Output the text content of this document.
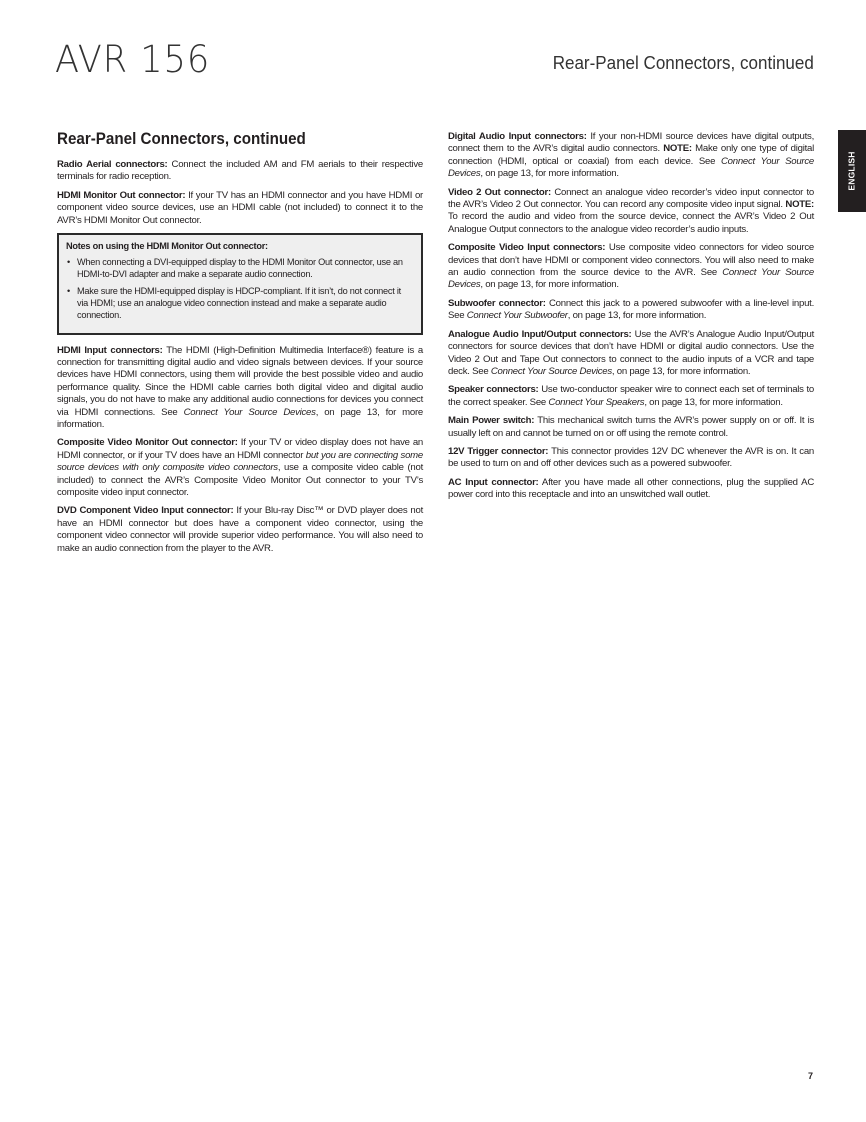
AVR 156	Rear-Panel Connectors, continued
ENGLISH
Rear-Panel Connectors, continued

Radio Aerial connectors: Connect the included AM and FM aerials to their respective terminals for radio reception.

HDMI Monitor Out connector: If your TV has an HDMI connector and you have HDMI or component video source devices, use an HDMI cable (not included) to connect it to the AVR’s HDMI Monitor Out connector.

Notes on using the HDMI Monitor Out connector:
• When connecting a DVI-equipped display to the HDMI Monitor Out connector, use an HDMI-to-DVI adapter and make a separate audio connection.
• Make sure the HDMI-equipped display is HDCP-compliant. If it isn’t, do not connect it via HDMI; use an analogue video connection instead and make a separate audio connection.

HDMI Input connectors: The HDMI (High-Definition Multimedia Interface®) feature is a connection for transmitting digital audio and video signals between devices. If your source devices have HDMI connectors, using them will provide the best possible video and audio performance quality. Since the HDMI cable carries both digital video and digital audio signals, you do not have to make any additional audio connections for devices you connect via HDMI connections. See Connect Your Source Devices, on page 13, for more information.

Composite Video Monitor Out connector: If your TV or video display does not have an HDMI connector, or if your TV does have an HDMI connector but you are connecting some source devices with only composite video connectors, use a composite video cable (not included) to connect the AVR’s Composite Video Monitor Out connector to your TV’s composite video input connector.

DVD Component Video Input connector: If your Blu-ray Disc™ or DVD player does not have an HDMI connector but does have a component video connector, using the component video connector will provide superior video performance. You will also need to make an audio connection from the player to the AVR.

Digital Audio Input connectors: If your non-HDMI source devices have digital outputs, connect them to the AVR’s digital audio connectors. NOTE: Make only one type of digital connection (HDMI, optical or coaxial) from each device. See Connect Your Source Devices, on page 13, for more information.

Video 2 Out connector: Connect an analogue video recorder’s video input connector to the AVR’s Video 2 Out connector. You can record any composite video input signal. NOTE: To record the audio and video from the source device, connect the AVR’s Video 2 Out Analogue Output connectors to the analogue video recorder’s audio inputs.

Composite Video Input connectors: Use composite video connectors for video source devices that don’t have HDMI or component video connectors. You will also need to make an audio connection from the source device to the AVR. See Connect Your Source Devices, on page 13, for more information.

Subwoofer connector: Connect this jack to a powered subwoofer with a line-level input. See Connect Your Subwoofer, on page 13, for more information.

Analogue Audio Input/Output connectors: Use the AVR’s Analogue Audio Input/Output connectors for source devices that don’t have HDMI or digital audio connectors. Use the Video 2 Out and Tape Out connectors to connect to the audio inputs of a VCR and tape deck. See Connect Your Source Devices, on page 13, for more information.

Speaker connectors: Use two-conductor speaker wire to connect each set of terminals to the correct speaker. See Connect Your Speakers, on page 13, for more information.

Main Power switch: This mechanical switch turns the AVR’s power supply on or off. It is usually left on and cannot be turned on or off using the remote control.

12V Trigger connector: This connector provides 12V DC whenever the AVR is on. It can be used to turn on and off other devices such as a powered subwoofer.

AC Input connector: After you have made all other connections, plug the supplied AC power cord into this receptacle and into an unswitched wall outlet.

7
